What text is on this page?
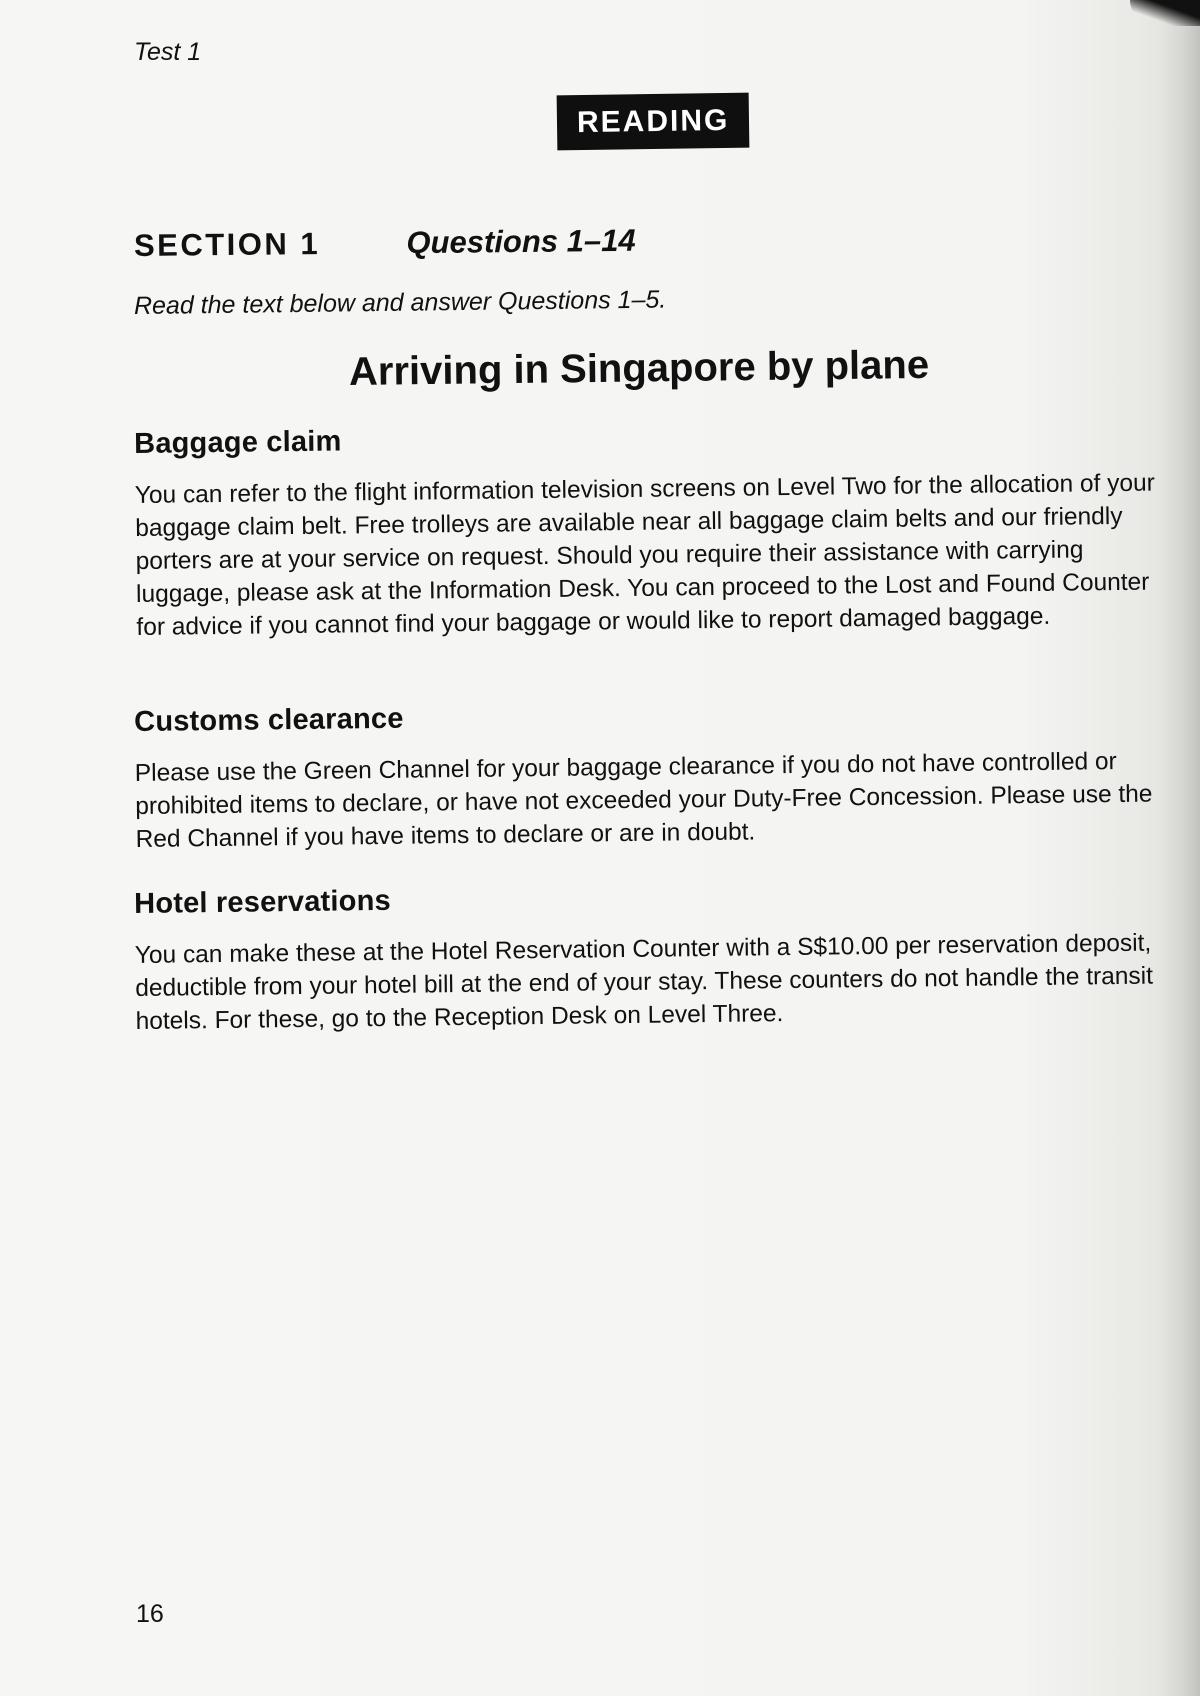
Test 1
READING
SECTION 1	Questions 1–14
Read the text below and answer Questions 1–5.
Arriving in Singapore by plane
Baggage claim

You can refer to the flight information television screens on Level Two for the allocation of your baggage claim belt. Free trolleys are available near all baggage claim belts and our friendly porters are at your service on request. Should you require their assistance with carrying luggage, please ask at the Information Desk. You can proceed to the Lost and Found Counter for advice if you cannot find your baggage or would like to report damaged baggage.

Customs clearance

Please use the Green Channel for your baggage clearance if you do not have controlled or prohibited items to declare, or have not exceeded your Duty-Free Concession. Please use the Red Channel if you have items to declare or are in doubt.

Hotel reservations

You can make these at the Hotel Reservation Counter with a S$10.00 per reservation deposit, deductible from your hotel bill at the end of your stay. These counters do not handle the transit hotels. For these, go to the Reception Desk on Level Three.

16
